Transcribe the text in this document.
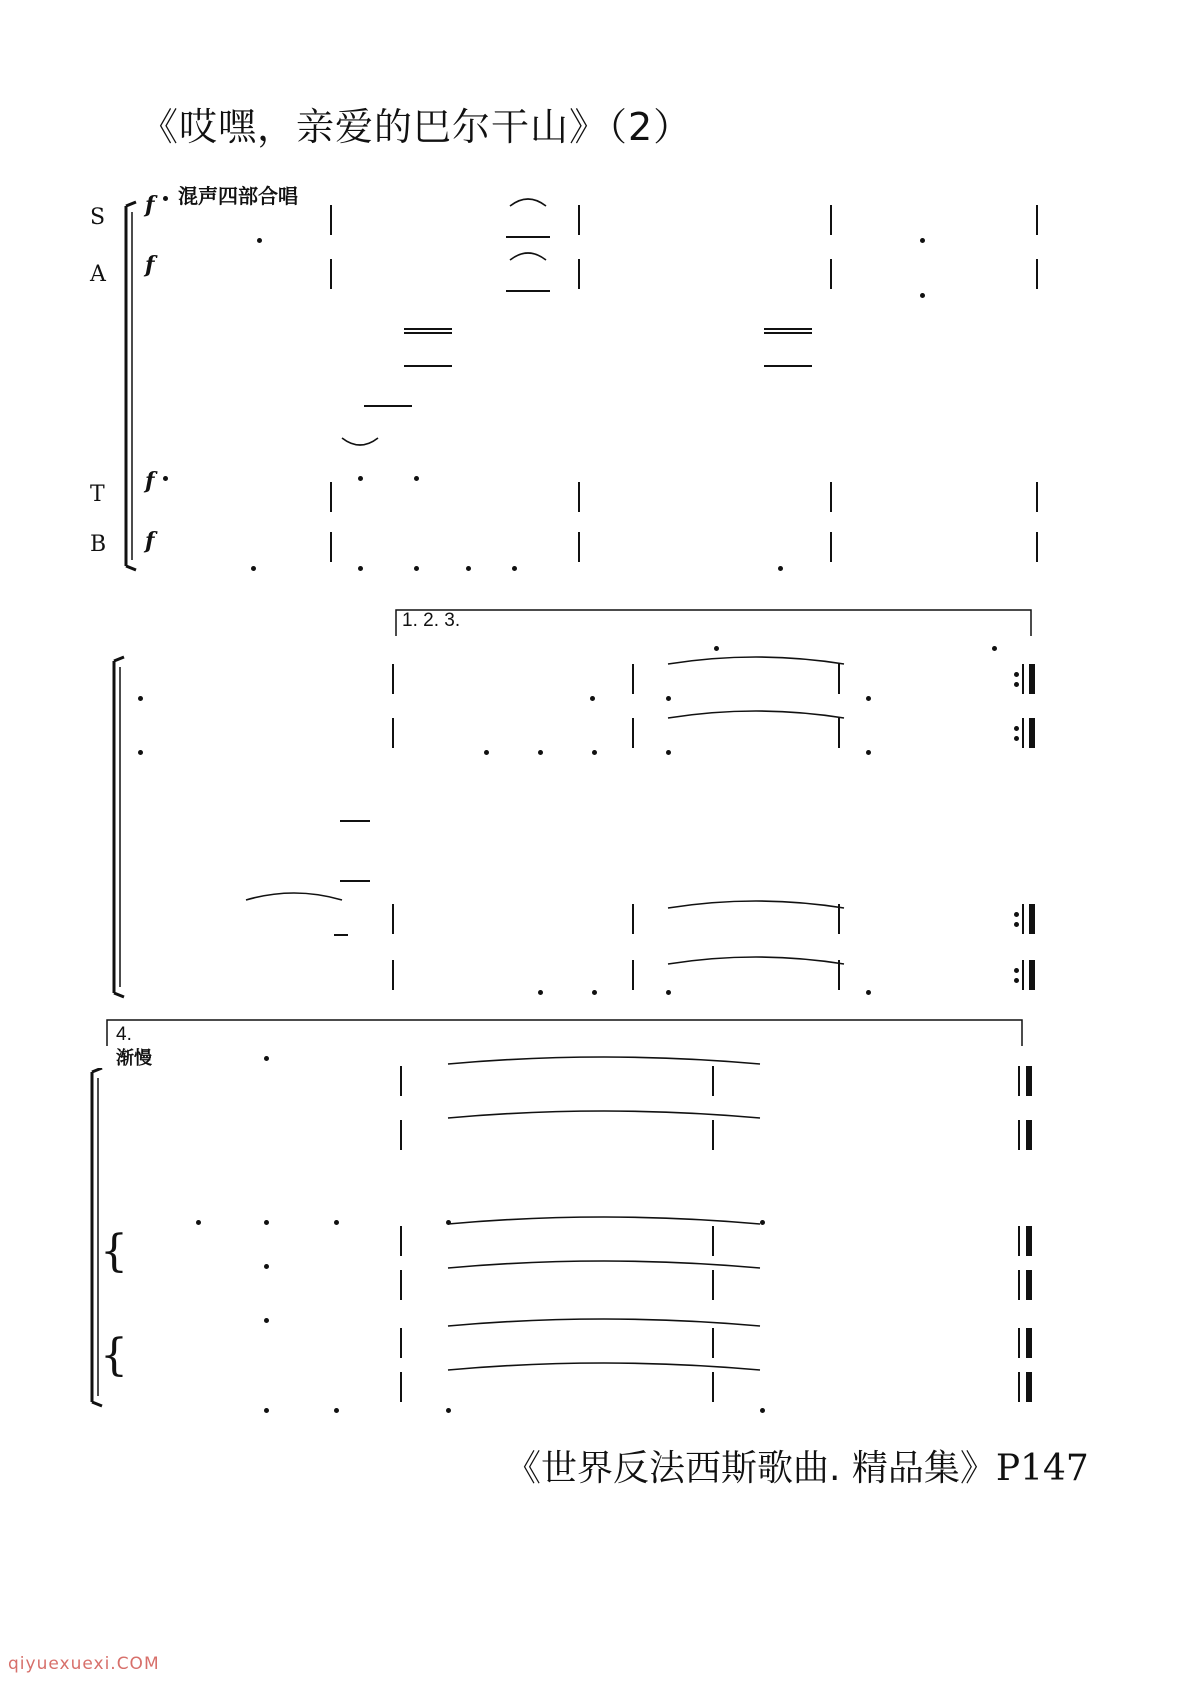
《哎嘿，亲爱的巴尔干山》（2）
混声四部合唱
S
A
T
B
f
f
f
f
1. 2. 3.
4.
渐慢
{
{
《世界反法西斯歌曲. 精品集》P147
qiyuexuexi.COM
